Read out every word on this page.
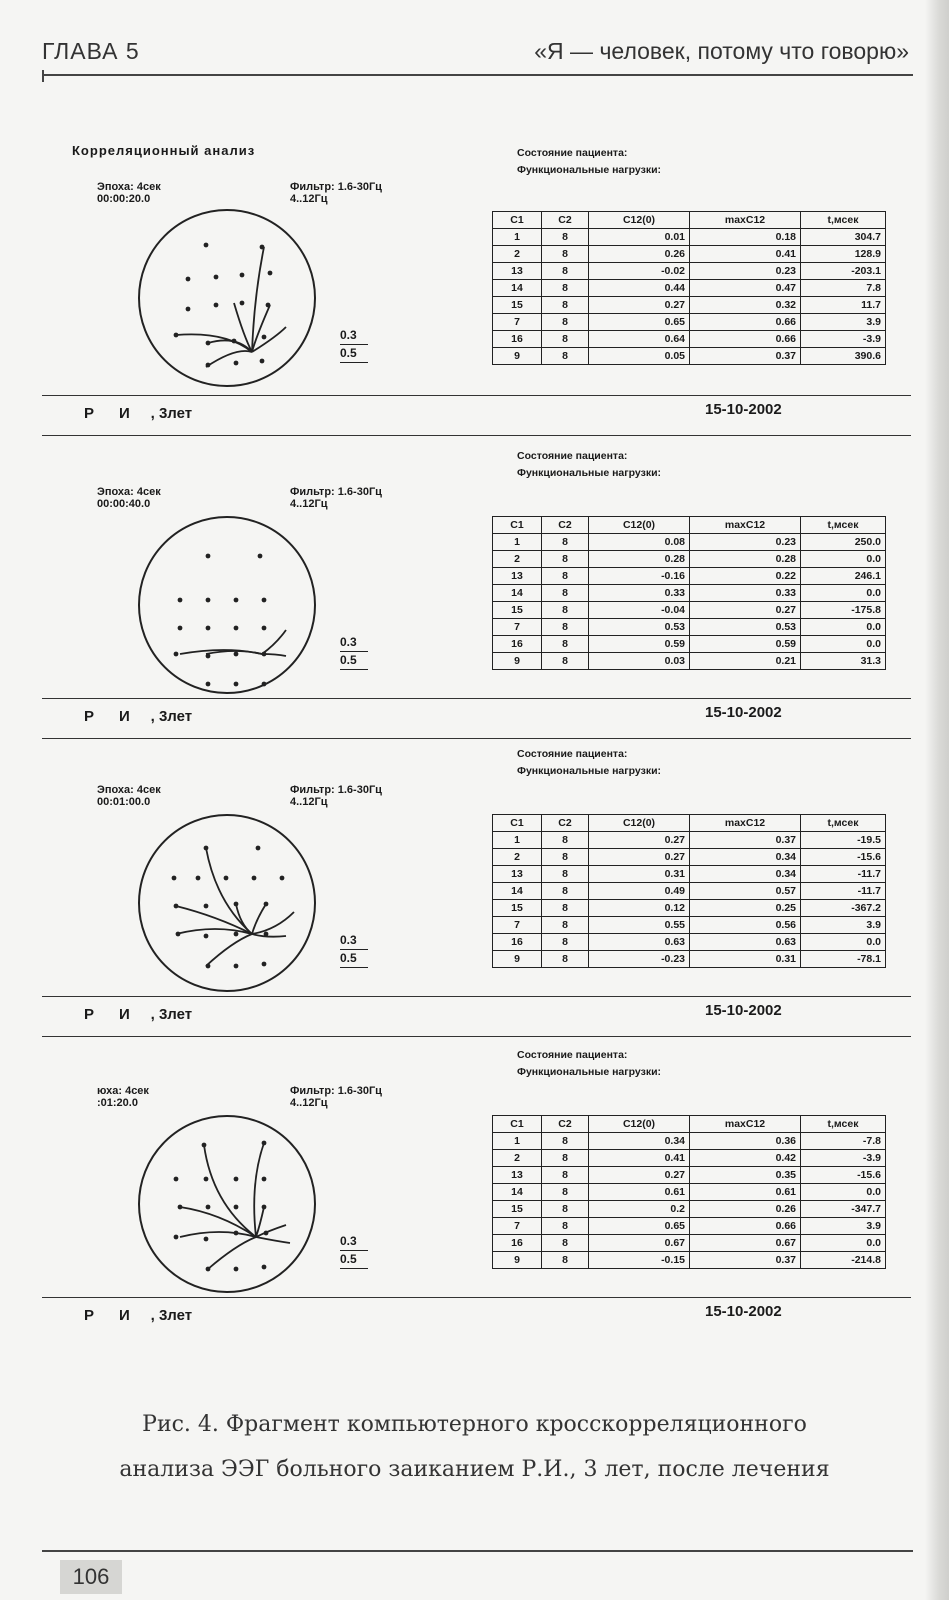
ГЛАВА 5	«Я — человек, потому что говорю»
Корреляционный анализ	Состояние пациента:
Функциональные нагрузки:
Эпоха: 4сек
00:00:20.0
Фильтр: 1.6-30Гц
4..12Гц
0.3
0.5
C1	C2	C12(0)	maxC12	t,мсек
1	8	0.01	0.18	304.7
2	8	0.26	0.41	128.9
13	8	-0.02	0.23	-203.1
14	8	0.44	0.47	7.8
15	8	0.27	0.32	11.7
7	8	0.65	0.66	3.9
16	8	0.64	0.66	-3.9
9	8	0.05	0.37	390.6
Р      И     , 3лет	15-10-2002
Состояние пациента:
Функциональные нагрузки:
Эпоха: 4сек
00:00:40.0
Фильтр: 1.6-30Гц
4..12Гц
0.3
0.5
C1	C2	C12(0)	maxC12	t,мсек
1	8	0.08	0.23	250.0
2	8	0.28	0.28	0.0
13	8	-0.16	0.22	246.1
14	8	0.33	0.33	0.0
15	8	-0.04	0.27	-175.8
7	8	0.53	0.53	0.0
16	8	0.59	0.59	0.0
9	8	0.03	0.21	31.3
Р      И     , 3лет	15-10-2002
Состояние пациента:
Функциональные нагрузки:
Эпоха: 4сек
00:01:00.0
Фильтр: 1.6-30Гц
4..12Гц
0.3
0.5
C1	C2	C12(0)	maxC12	t,мсек
1	8	0.27	0.37	-19.5
2	8	0.27	0.34	-15.6
13	8	0.31	0.34	-11.7
14	8	0.49	0.57	-11.7
15	8	0.12	0.25	-367.2
7	8	0.55	0.56	3.9
16	8	0.63	0.63	0.0
9	8	-0.23	0.31	-78.1
Р      И     , 3лет	15-10-2002
Состояние пациента:
Функциональные нагрузки:
юха: 4сек
:01:20.0
Фильтр: 1.6-30Гц
4..12Гц
0.3
0.5
C1	C2	C12(0)	maxC12	t,мсек
1	8	0.34	0.36	-7.8
2	8	0.41	0.42	-3.9
13	8	0.27	0.35	-15.6
14	8	0.61	0.61	0.0
15	8	0.2	0.26	-347.7
7	8	0.65	0.66	3.9
16	8	0.67	0.67	0.0
9	8	-0.15	0.37	-214.8
Р      И     , 3лет	15-10-2002
Рис. 4. Фрагмент компьютерного кросскорреляционного
анализа ЭЭГ больного заиканием Р.И., 3 лет, после лечения
106
